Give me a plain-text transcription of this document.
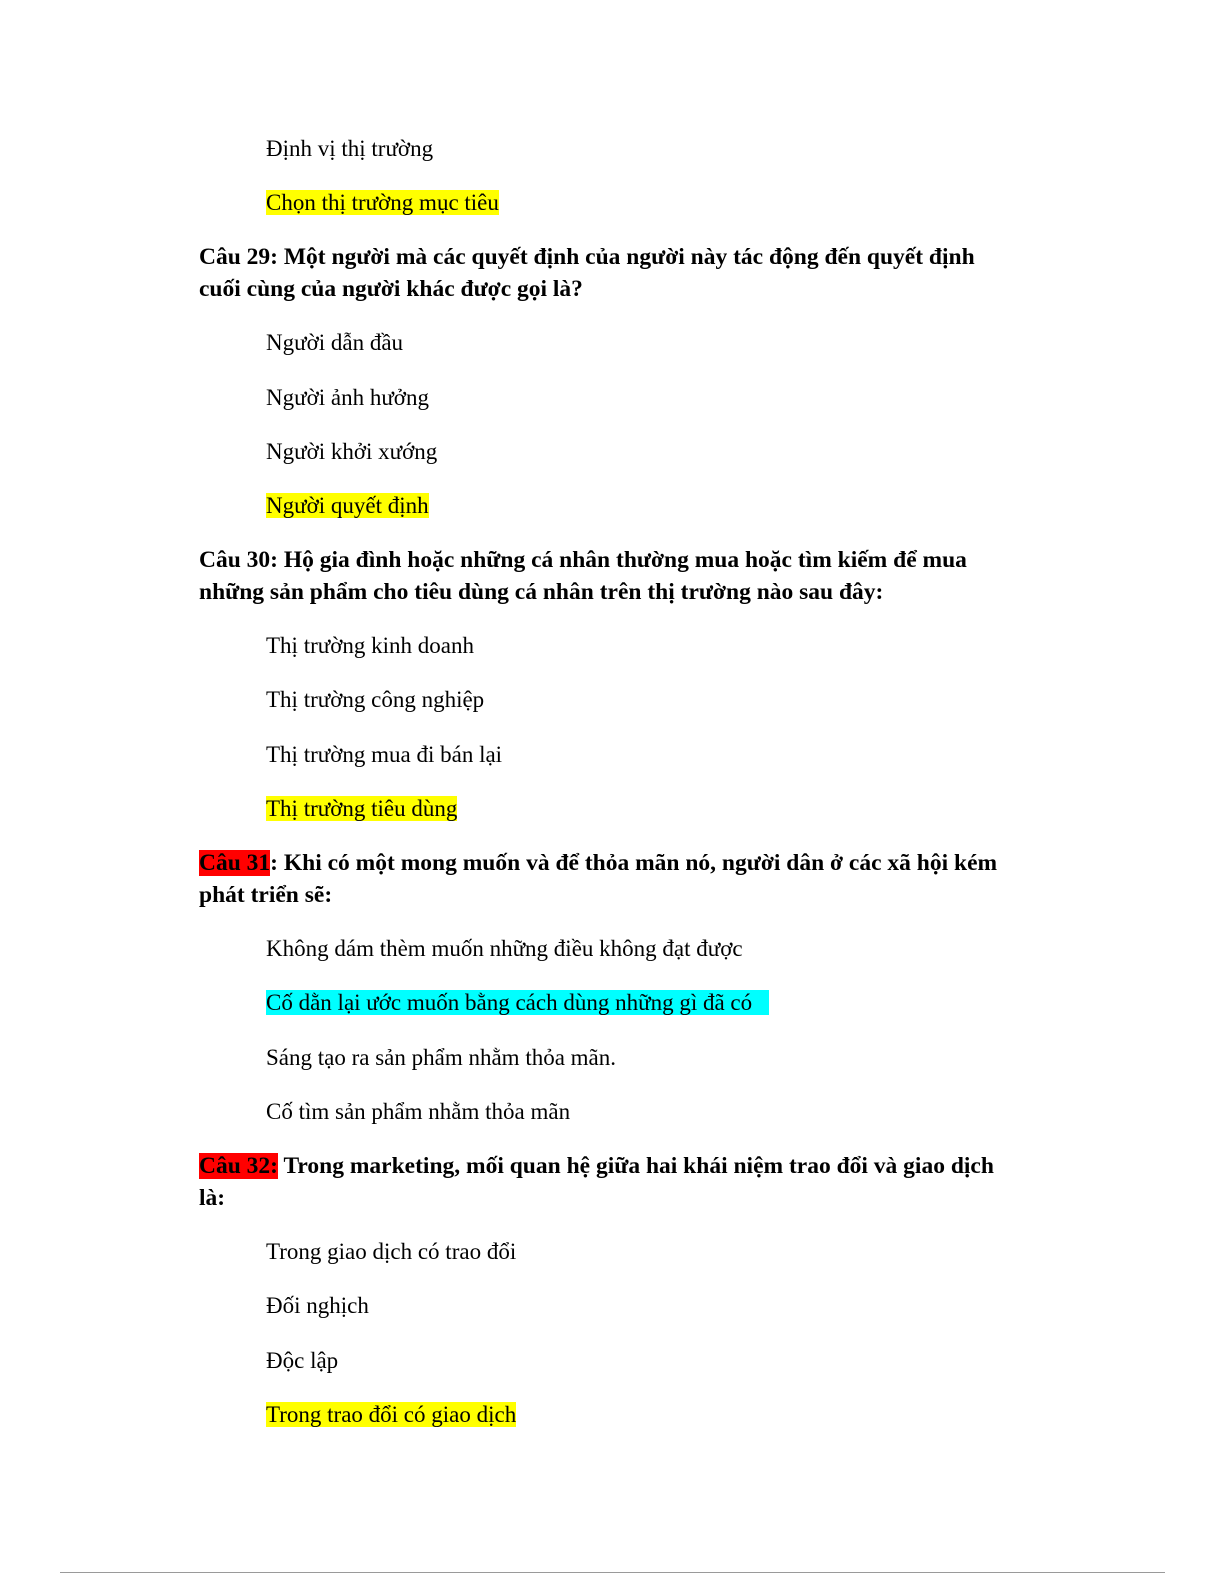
Định vị thị trường
Chọn thị trường mục tiêu
Câu 29: Một người mà các quyết định của người này tác động đến quyết định
cuối cùng của người khác được gọi là?
Người dẫn đầu
Người ảnh hưởng
Người khởi xướng
Người quyết định
Câu 30: Hộ gia đình hoặc những cá nhân thường mua hoặc tìm kiếm để mua
những sản phẩm cho tiêu dùng cá nhân trên thị trường nào sau đây:
Thị trường kinh doanh
Thị trường công nghiệp
Thị trường mua đi bán lại
Thị trường tiêu dùng
Câu 31: Khi có một mong muốn và để thỏa mãn nó, người dân ở các xã hội kém
phát triển sẽ:
Không dám thèm muốn những điều không đạt được
Cố dằn lại ước muốn bằng cách dùng những gì đã có
Sáng tạo ra sản phẩm nhằm thỏa mãn.
Cố tìm sản phẩm nhằm thỏa mãn
Câu 32: Trong marketing, mối quan hệ giữa hai khái niệm trao đổi và giao dịch
là:
Trong giao dịch có trao đổi
Đối nghịch
Độc lập
Trong trao đổi có giao dịch
